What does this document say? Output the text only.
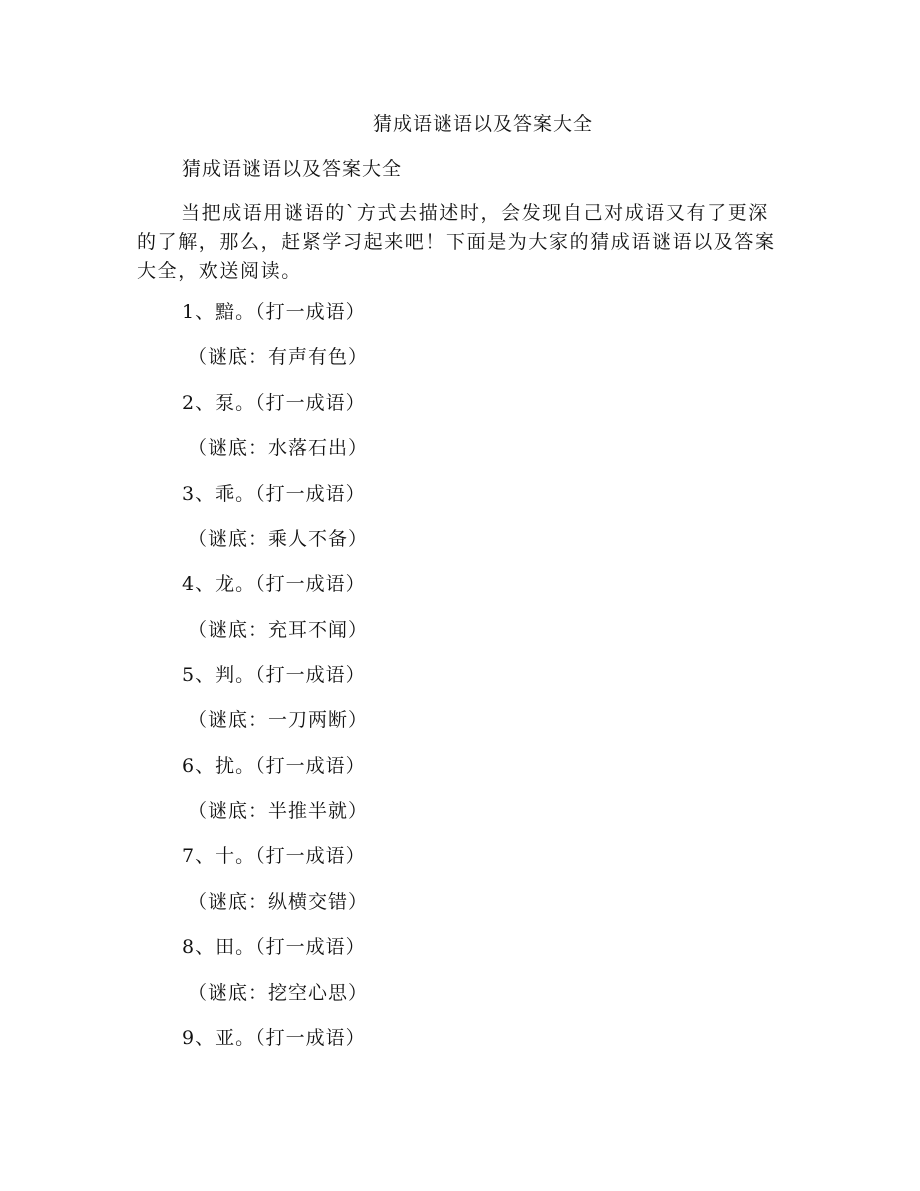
猜成语谜语以及答案大全
猜成语谜语以及答案大全

当把成语用谜语的`方式去描述时，会发现自己对成语又有了更深的了解，那么，赶紧学习起来吧！下面是为大家的猜成语谜语以及答案大全，欢送阅读。

1、黯。（打一成语）
（谜底：有声有色）
2、泵。（打一成语）
（谜底：水落石出）
3、乖。（打一成语）
（谜底：乘人不备）
4、龙。（打一成语）
（谜底：充耳不闻）
5、判。（打一成语）
（谜底：一刀两断）
6、扰。（打一成语）
（谜底：半推半就）
7、十。（打一成语）
（谜底：纵横交错）
8、田。（打一成语）
（谜底：挖空心思）
9、亚。（打一成语）
